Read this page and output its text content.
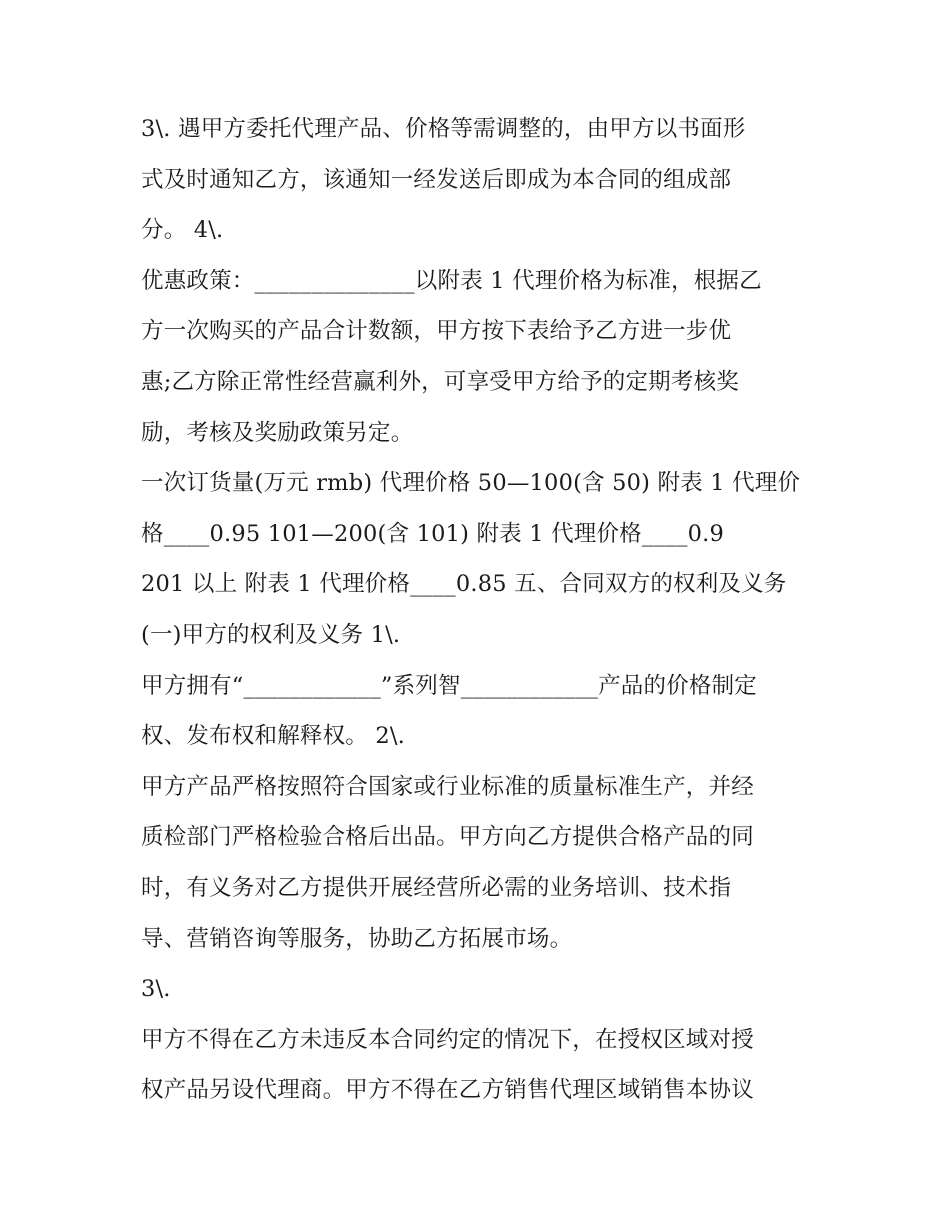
3\. 遇甲方委托代理产品、价格等需调整的，由甲方以书面形
式及时通知乙方，该通知一经发送后即成为本合同的组成部
分。 4\.
优惠政策：______________以附表 1 代理价格为标准，根据乙
方一次购买的产品合计数额，甲方按下表给予乙方进一步优
惠;乙方除正常性经营赢利外，可享受甲方给予的定期考核奖
励，考核及奖励政策另定。
一次订货量(万元 rmb) 代理价格 50—100(含 50) 附表 1 代理价
格____0.95 101—200(含 101) 附表 1 代理价格____0.9
201 以上 附表 1 代理价格____0.85 五、合同双方的权利及义务
(一)甲方的权利及义务 1\.
甲方拥有“____________”系列智____________产品的价格制定
权、发布权和解释权。 2\.
甲方产品严格按照符合国家或行业标准的质量标准生产，并经
质检部门严格检验合格后出品。甲方向乙方提供合格产品的同
时，有义务对乙方提供开展经营所必需的业务培训、技术指
导、营销咨询等服务，协助乙方拓展市场。
3\.
甲方不得在乙方未违反本合同约定的情况下，在授权区域对授
权产品另设代理商。甲方不得在乙方销售代理区域销售本协议
